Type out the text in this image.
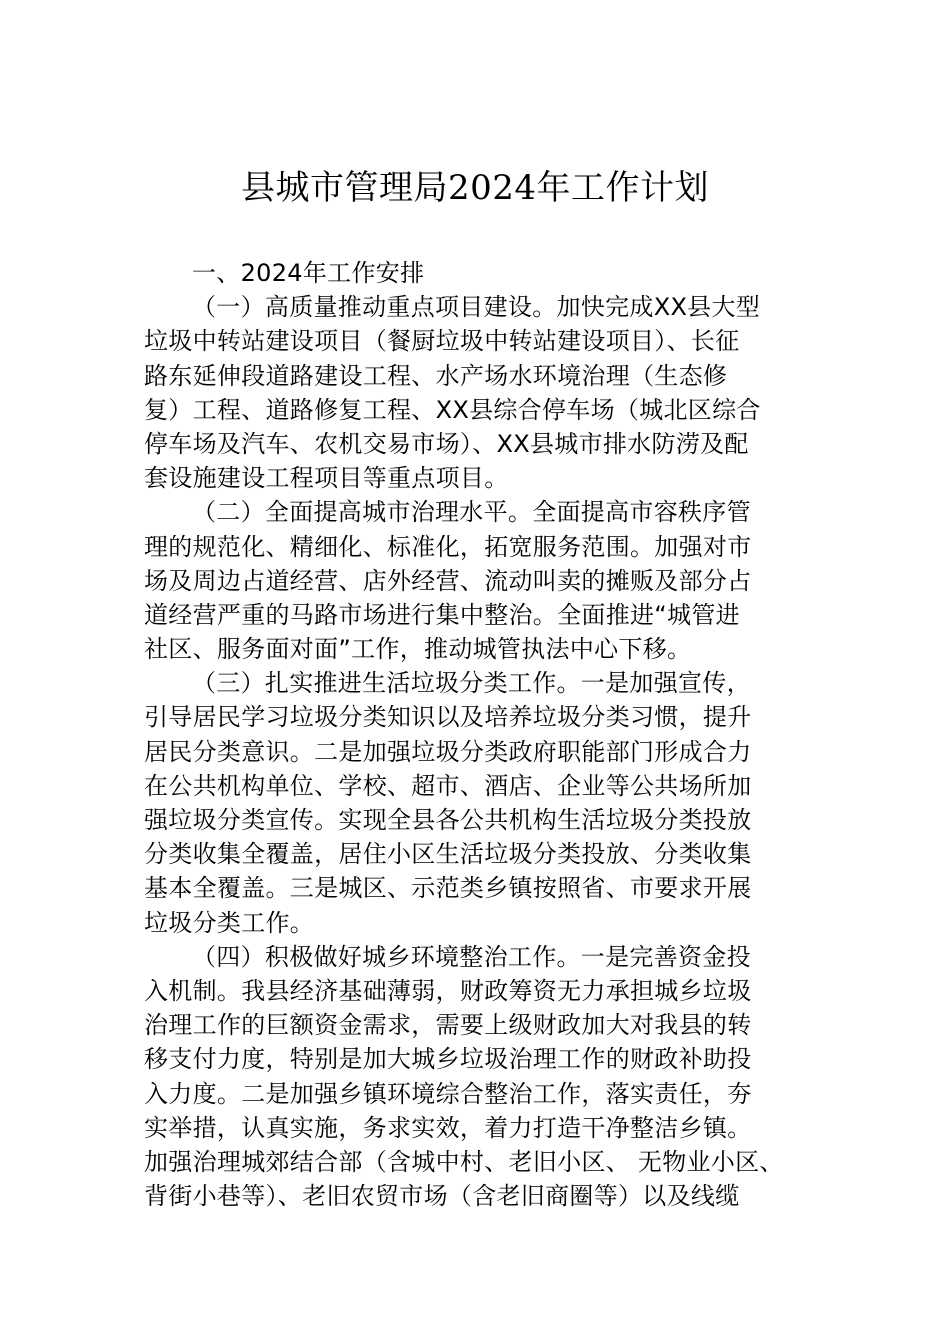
县城市管理局2024年工作计划
一、2024年工作安排
（一）高质量推动重点项目建设。加快完成XX县大型
垃圾中转站建设项目（餐厨垃圾中转站建设项目）、长征
路东延伸段道路建设工程、水产场水环境治理（生态修
复）工程、道路修复工程、XX县综合停车场（城北区综合
停车场及汽车、农机交易市场）、XX县城市排水防涝及配
套设施建设工程项目等重点项目。
（二）全面提高城市治理水平。全面提高市容秩序管
理的规范化、精细化、标准化，拓宽服务范围。加强对市
场及周边占道经营、店外经营、流动叫卖的摊贩及部分占
道经营严重的马路市场进行集中整治。全面推进“城管进
社区、服务面对面”工作，推动城管执法中心下移。
（三）扎实推进生活垃圾分类工作。一是加强宣传，
引导居民学习垃圾分类知识以及培养垃圾分类习惯，提升
居民分类意识。二是加强垃圾分类政府职能部门形成合力
在公共机构单位、学校、超市、酒店、企业等公共场所加
强垃圾分类宣传。实现全县各公共机构生活垃圾分类投放
分类收集全覆盖，居住小区生活垃圾分类投放、分类收集
基本全覆盖。三是城区、示范类乡镇按照省、市要求开展
垃圾分类工作。
（四）积极做好城乡环境整治工作。一是完善资金投
入机制。我县经济基础薄弱，财政筹资无力承担城乡垃圾
治理工作的巨额资金需求，需要上级财政加大对我县的转
移支付力度，特别是加大城乡垃圾治理工作的财政补助投
入力度。二是加强乡镇环境综合整治工作，落实责任，夯
实举措，认真实施，务求实效，着力打造干净整洁乡镇。
加强治理城郊结合部（含城中村、老旧小区、 无物业小区、
背街小巷等）、老旧农贸市场（含老旧商圈等）以及线缆
